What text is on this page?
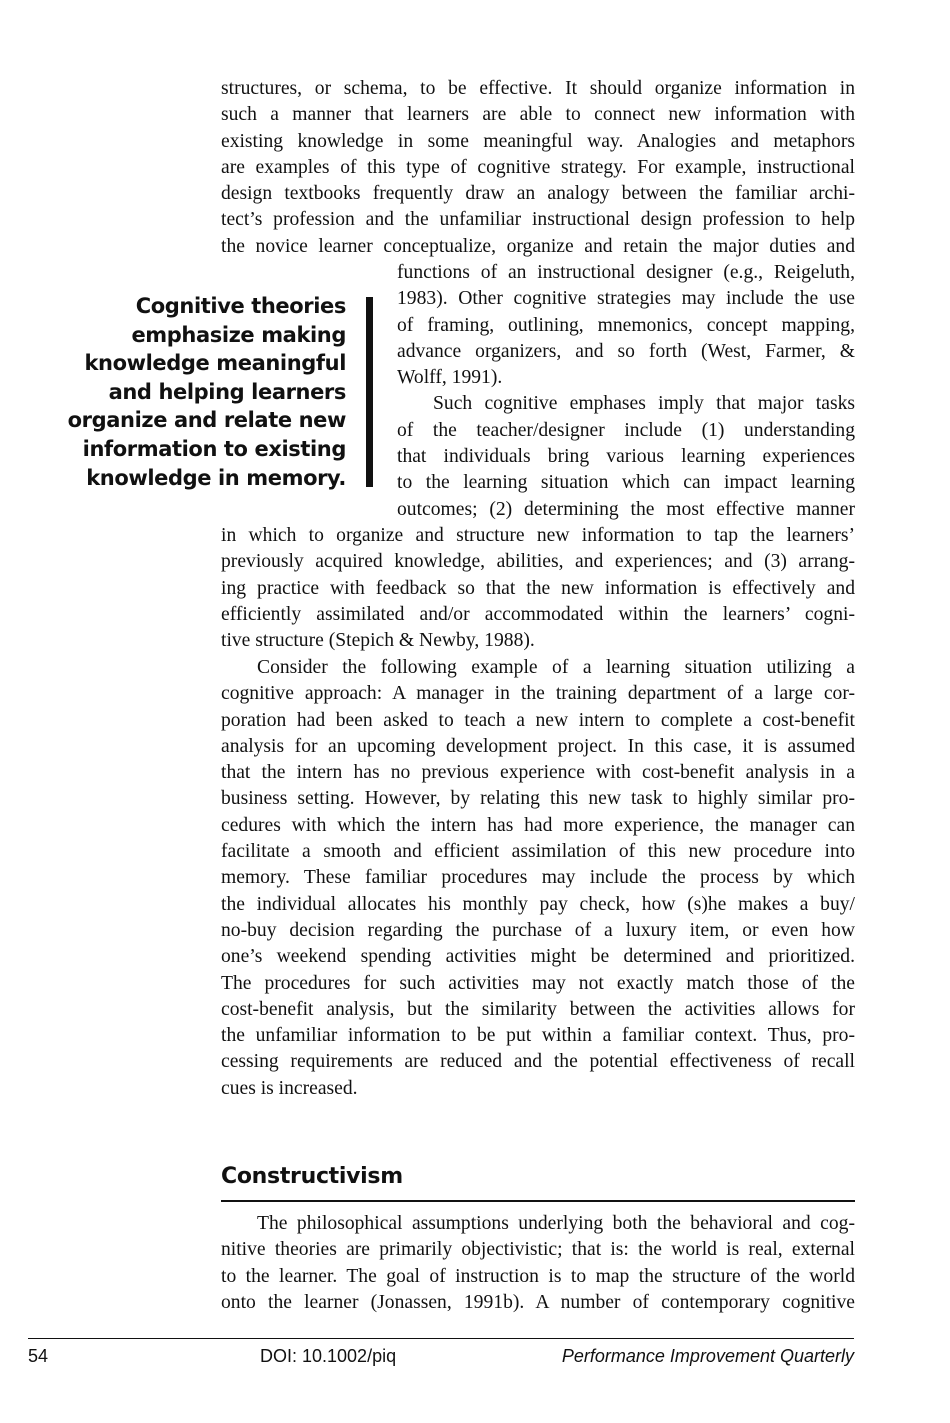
structures, or schema, to be effective. It should organize information in
such a manner that learners are able to connect new information with
existing knowledge in some meaningful way. Analogies and metaphors
are examples of this type of cognitive strategy. For example, instructional
design textbooks frequently draw an analogy between the familiar archi-
tect’s profession and the unfamiliar instructional design profession to help
the novice learner conceptualize, organize and retain the major duties and
Cognitive theories
emphasize making
knowledge meaningful
and helping learners
organize and relate new
information to existing
knowledge in memory.
functions of an instructional designer (e.g., Reigeluth,
1983). Other cognitive strategies may include the use
of framing, outlining, mnemonics, concept mapping,
advance organizers, and so forth (West, Farmer, &
Wolff, 1991).
Such cognitive emphases imply that major tasks
of the teacher/designer include (1) understanding
that individuals bring various learning experiences
to the learning situation which can impact learning
outcomes; (2) determining the most effective manner
in which to organize and structure new information to tap the learners’
previously acquired knowledge, abilities, and experiences; and (3) arrang-
ing practice with feedback so that the new information is effectively and
efficiently assimilated and/or accommodated within the learners’ cogni-
tive structure (Stepich & Newby, 1988).
Consider the following example of a learning situation utilizing a
cognitive approach: A manager in the training department of a large cor-
poration had been asked to teach a new intern to complete a cost-benefit
analysis for an upcoming development project. In this case, it is assumed
that the intern has no previous experience with cost-benefit analysis in a
business setting. However, by relating this new task to highly similar pro-
cedures with which the intern has had more experience, the manager can
facilitate a smooth and efficient assimilation of this new procedure into
memory. These familiar procedures may include the process by which
the individual allocates his monthly pay check, how (s)he makes a buy/
no-buy decision regarding the purchase of a luxury item, or even how
one’s weekend spending activities might be determined and prioritized.
The procedures for such activities may not exactly match those of the
cost-benefit analysis, but the similarity between the activities allows for
the unfamiliar information to be put within a familiar context. Thus, pro-
cessing requirements are reduced and the potential effectiveness of recall
cues is increased.
Constructivism
The philosophical assumptions underlying both the behavioral and cog-
nitive theories are primarily objectivistic; that is: the world is real, external
to the learner. The goal of instruction is to map the structure of the world
onto the learner (Jonassen, 1991b). A number of contemporary cognitive
54	DOI: 10.1002/piq	Performance Improvement Quarterly
